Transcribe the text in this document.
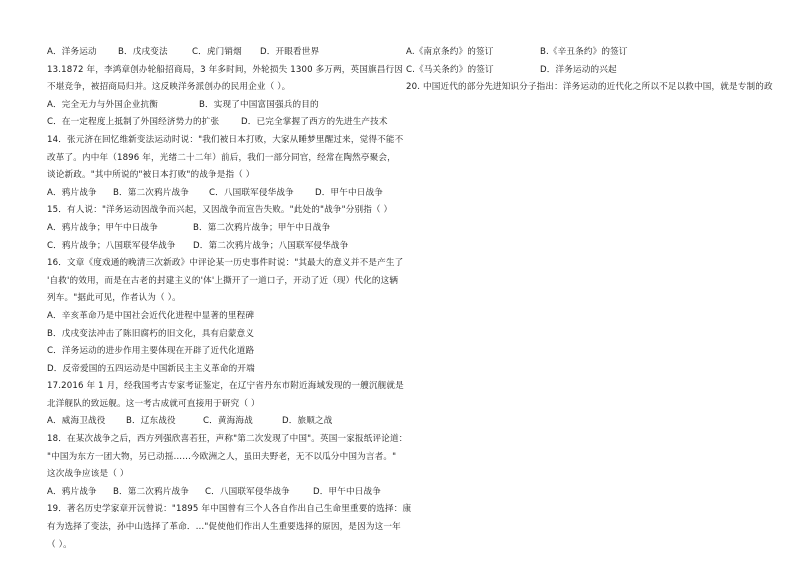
A．洋务运动	B．戊戌变法	C．虎门销烟	D．开眼看世界
13.1872 年，李鸿章创办轮船招商局，3 年多时间，外轮损失 1300 多万两，英国旗昌行因
不堪竞争，被招商局归并。这反映洋务派创办的民用企业（ ）。
A．完全无力与外国企业抗衡	B．实现了中国富国强兵的目的
C．在一定程度上抵制了外国经济势力的扩张	D．已完全掌握了西方的先进生产技术
14．张元济在回忆维新变法运动时说："我们被日本打败，大家从睡梦里醒过来，觉得不能不
改革了。内中年（1896 年，光绪二十二年）前后，我们一部分同官，经常在陶然亭聚会，
谈论新政。"其中所说的"被日本打败"的战争是指（ ）
A．鸦片战争	B．第二次鸦片战争	C．八国联军侵华战争	D．甲午中日战争
15．有人说："洋务运动因战争而兴起，又因战争而宣告失败。"此处的"战争"分别指（ ）
A．鸦片战争；甲午中日战争	B．第二次鸦片战争；甲午中日战争
C．鸦片战争；八国联军侵华战争	D．第二次鸦片战争；八国联军侵华战争
16．文章《度戏通的晚清三次新政》中评论某一历史事件时说："其最大的意义并不是产生了
'自救'的效用，而是在古老的封建主义的'体'上撕开了一道口子，开动了近（现）代化的这辆
列车。"据此可见，作者认为（ ）。
A．辛亥革命乃是中国社会近代化进程中显著的里程碑
B．戊戌变法冲击了陈旧腐朽的旧文化，具有启蒙意义
C．洋务运动的进步作用主要体现在开辟了近代化道路
D．反帝爱国的五四运动是中国新民主主义革命的开端
17.2016 年 1 月，经我国考古专家考证鉴定，在辽宁省丹东市附近海域发现的一艘沉舰就是
北洋舰队的致远舰。这一考古成就可直接用于研究（ ）
A．威海卫战役	B．辽东战役	C．黄海海战	D．旅顺之战
18．在某次战争之后，西方列强欣喜若狂，声称"第二次发现了中国"。英国一家报纸评论道：
"中国为东方一团大物，另已动摇……今欧洲之人，虽田夫野老，无不以瓜分中国为言者。"
这次战争应该是（ ）
A．鸦片战争	B．第二次鸦片战争	C．八国联军侵华战争	D．甲午中日战争
19．著名历史学家章开沅曾说："1895 年中国曾有三个人各自作出自己生命里重要的选择：康
有为选择了变法，孙中山选择了革命．…"促使他们作出人生重要选择的原因，是因为这一年
（ ）。
A.《南京条约》的签订	B.《辛丑条约》的签订
C.《马关条约》的签订	D．洋务运动的兴起
20. 中国近代的部分先进知识分子指出：洋务运动的近代化之所以不足以救中国，就是专制的政
